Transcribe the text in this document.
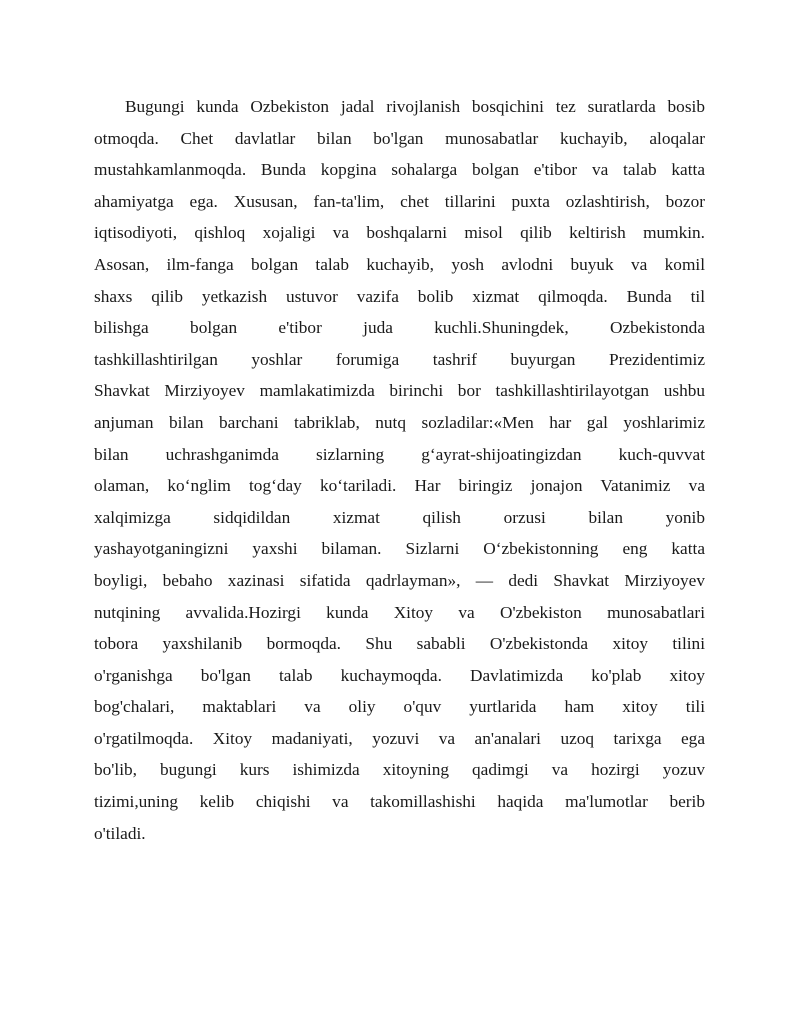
Bugungi kunda Ozbekiston jadal rivojlanish bosqichini tez suratlarda bosib
otmoqda. Chet davlatlar bilan bo'lgan munosabatlar kuchayib, aloqalar
mustahkamlanmoqda. Bunda kopgina sohalarga bolgan e'tibor va talab katta
ahamiyatga ega. Xususan, fan-ta'lim, chet tillarini puxta ozlashtirish, bozor
iqtisodiyoti, qishloq xojaligi va boshqalarni misol qilib keltirish mumkin.
Asosan, ilm-fanga bolgan talab kuchayib, yosh avlodni buyuk va komil
shaxs qilib yetkazish ustuvor vazifa bolib xizmat qilmoqda. Bunda til
bilishga bolgan e'tibor juda kuchli.Shuningdek, Ozbekistonda
tashkillashtirilgan yoshlar forumiga tashrif buyurgan Prezidentimiz
Shavkat Mirziyoyev mamlakatimizda birinchi bor tashkillashtirilayotgan ushbu
anjuman bilan barchani tabriklab, nutq sozladilar:«Men har gal yoshlarimiz
bilan uchrashganimda sizlarning gʻayrat-shijoatingizdan kuch-quvvat
olaman, koʻnglim togʻday koʻtariladi. Har biringiz jonajon Vatanimiz va
xalqimizga sidqidildan xizmat qilish orzusi bilan yonib
yashayotganingizni yaxshi bilaman. Sizlarni Oʻzbekistonning eng katta
boyligi, bebaho xazinasi sifatida qadrlayman», — dedi Shavkat Mirziyoyev
nutqining avvalida.Hozirgi kunda Xitoy va O'zbekiston munosabatlari
tobora yaxshilanib bormoqda. Shu sababli O'zbekistonda xitoy tilini
o'rganishga bo'lgan talab kuchaymoqda. Davlatimizda ko'plab xitoy
bog'chalari, maktablari va oliy o'quv yurtlarida ham xitoy tili
o'rgatilmoqda. Xitoy madaniyati, yozuvi va an'analari uzoq tarixga ega
bo'lib, bugungi kurs ishimizda xitoyning qadimgi va hozirgi yozuv
tizimi,uning kelib chiqishi va takomillashishi haqida ma'lumotlar berib
o'tiladi.
